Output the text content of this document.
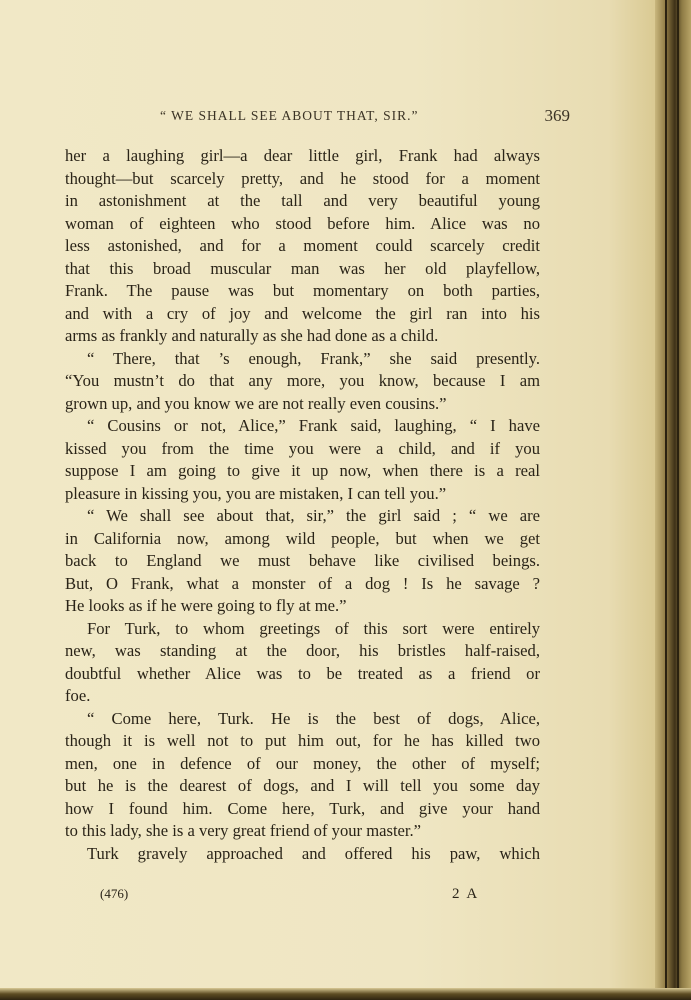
“ WE SHALL SEE ABOUT THAT, SIR.”	369
her a laughing girl—a dear little girl, Frank had always
thought—but scarcely pretty, and he stood for a moment
in astonishment at the tall and very beautiful young
woman of eighteen who stood before him. Alice was no
less astonished, and for a moment could scarcely credit
that this broad muscular man was her old playfellow,
Frank. The pause was but momentary on both parties,
and with a cry of joy and welcome the girl ran into his
arms as frankly and naturally as she had done as a child.
“ There, that ’s enough, Frank,” she said presently.
“You mustn’t do that any more, you know, because I am
grown up, and you know we are not really even cousins.”
“ Cousins or not, Alice,” Frank said, laughing, “ I have
kissed you from the time you were a child, and if you
suppose I am going to give it up now, when there is a real
pleasure in kissing you, you are mistaken, I can tell you.”
“ We shall see about that, sir,” the girl said ; “ we are
in California now, among wild people, but when we get
back to England we must behave like civilised beings.
But, O Frank, what a monster of a dog ! Is he savage ?
He looks as if he were going to fly at me.”
For Turk, to whom greetings of this sort were entirely
new, was standing at the door, his bristles half-raised,
doubtful whether Alice was to be treated as a friend or
foe.
“ Come here, Turk. He is the best of dogs, Alice,
though it is well not to put him out, for he has killed two
men, one in defence of our money, the other of myself;
but he is the dearest of dogs, and I will tell you some day
how I found him. Come here, Turk, and give your hand
to this lady, she is a very great friend of your master.”
Turk gravely approached and offered his paw, which
(476)	2 A
